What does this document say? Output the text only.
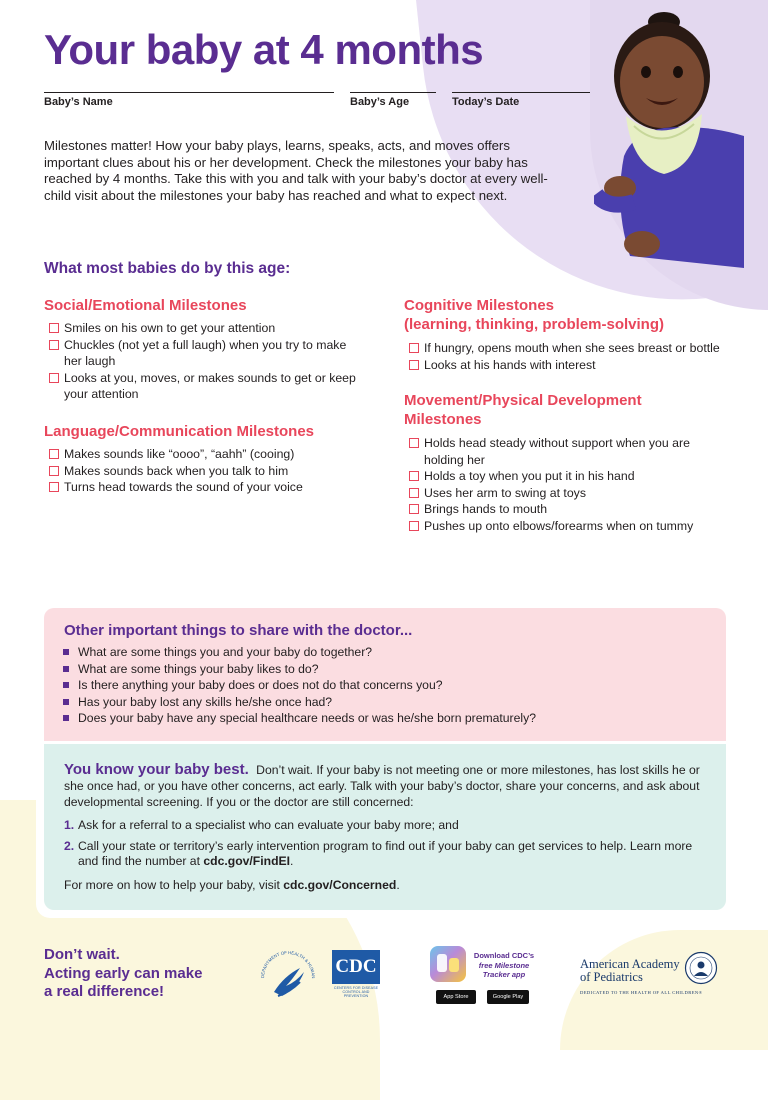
Your baby at 4 months
Baby’s Name	Baby’s Age	Today’s Date

Milestones matter! How your baby plays, learns, speaks, acts, and moves offers important clues about his or her development. Check the milestones your baby has reached by 4 months. Take this with you and talk with your baby’s doctor at every well-child visit about the milestones your baby has reached and what to expect next.

What most babies do by this age:
Social/Emotional Milestones
Smiles on his own to get your attention
Chuckles (not yet a full laugh) when you try to make her laugh
Looks at you, moves, or makes sounds to get or keep your attention
Language/Communication Milestones
Makes sounds like “oooo”, “aahh” (cooing)
Makes sounds back when you talk to him
Turns head towards the sound of your voice
Cognitive Milestones
(learning, thinking, problem-solving)
If hungry, opens mouth when she sees breast or bottle
Looks at his hands with interest
Movement/Physical Development
Milestones
Holds head steady without support when you are holding her
Holds a toy when you put it in his hand
Uses her arm to swing at toys
Brings hands to mouth
Pushes up onto elbows/forearms when on tummy
Other important things to share with the doctor...
What are some things you and your baby do together?
What are some things your baby likes to do?
Is there anything your baby does or does not do that concerns you?
Has your baby lost any skills he/she once had?
Does your baby have any special healthcare needs or was he/she born prematurely?

You know your baby best. Don’t wait. If your baby is not meeting one or more milestones, has lost skills he or she once had, or you have other concerns, act early. Talk with your baby’s doctor, share your concerns, and ask about developmental screening. If you or the doctor are still concerned:

1. Ask for a referral to a specialist who can evaluate your baby more; and
2. Call your state or territory’s early intervention program to find out if your baby can get services to help. Learn more and find the number at cdc.gov/FindEI.

For more on how to help your baby, visit cdc.gov/Concerned.

Don’t wait.
Acting early can make
a real difference!

DEPARTMENT OF HEALTH & HUMAN CDC
CENTERS FOR DISEASE
CONTROL AND PREVENTION

Download CDC’s
free Milestone Tracker app

App Store	Google Play

American Academy

of Pediatrics

DEDICATED TO THE HEALTH OF ALL CHILDREN®
